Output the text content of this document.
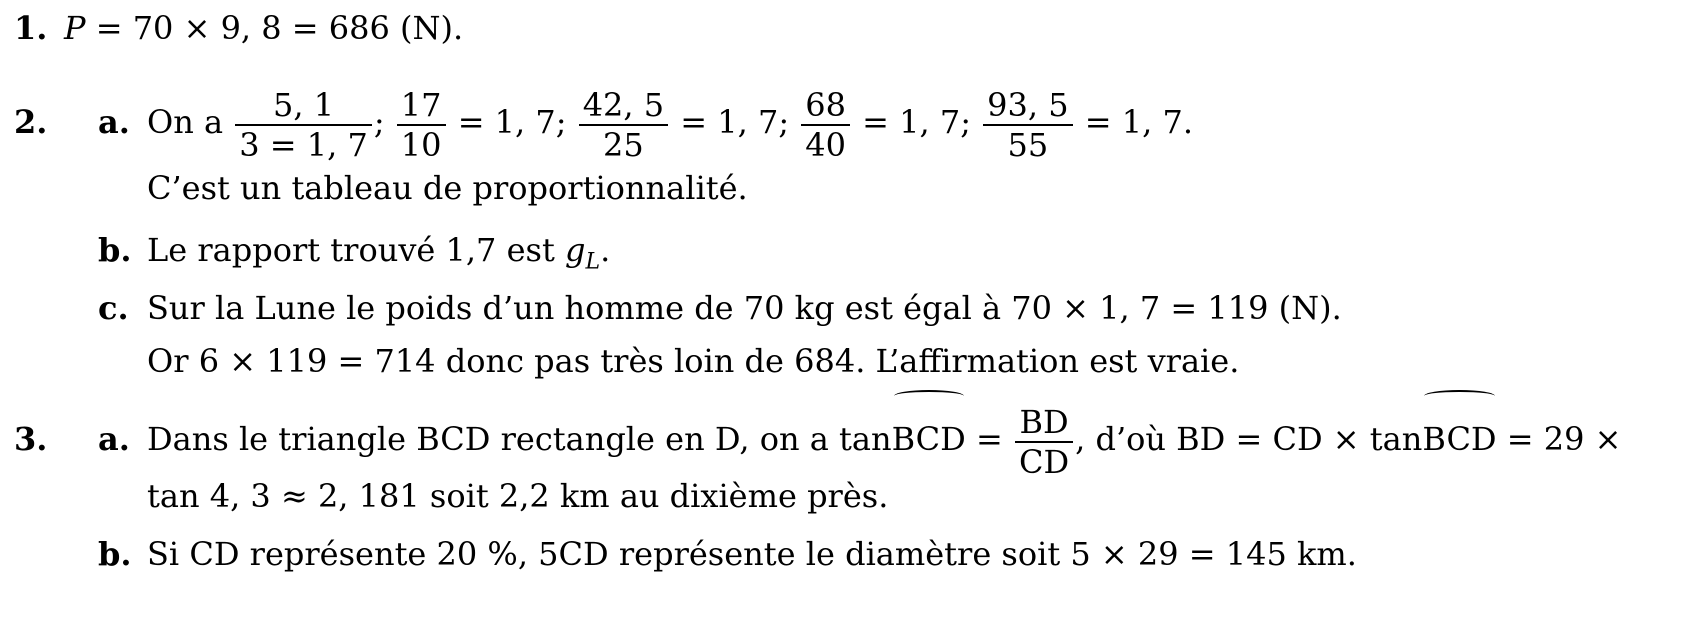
1. P = 70 × 9, 8 = 686 (N).
2. a. On a $\frac{5, 1}{3 = 1, 7}$ ; $\frac{17}{10} = 1$, 7; $\frac{42, 5}{25} = 1$, 7; $\frac{68}{40} = 1$, 7; $\frac{93, 5}{55} = 1$, 7.
C’est un tableau de proportionnalité.
b. Le rapport trouvé 1,7 est $g_L$.
c. Sur la Lune le poids d’un homme de 70 kg est égal à 70 × 1, 7 = 119 (N).
Or 6 × 119 = 714 donc pas très loin de 684. L’affirmation est vraie.
3. a. Dans le triangle BCD rectangle en D, on a tanBCD = $\frac{BD}{CD}$ , d’où BD = CD × tanBCD = 29 ×
tan 4, 3 ≈ 2, 181 soit 2,2 km au dixième près.
b. Si CD représente 20 %, 5CD représente le diamètre soit 5 × 29 = 145 km.
